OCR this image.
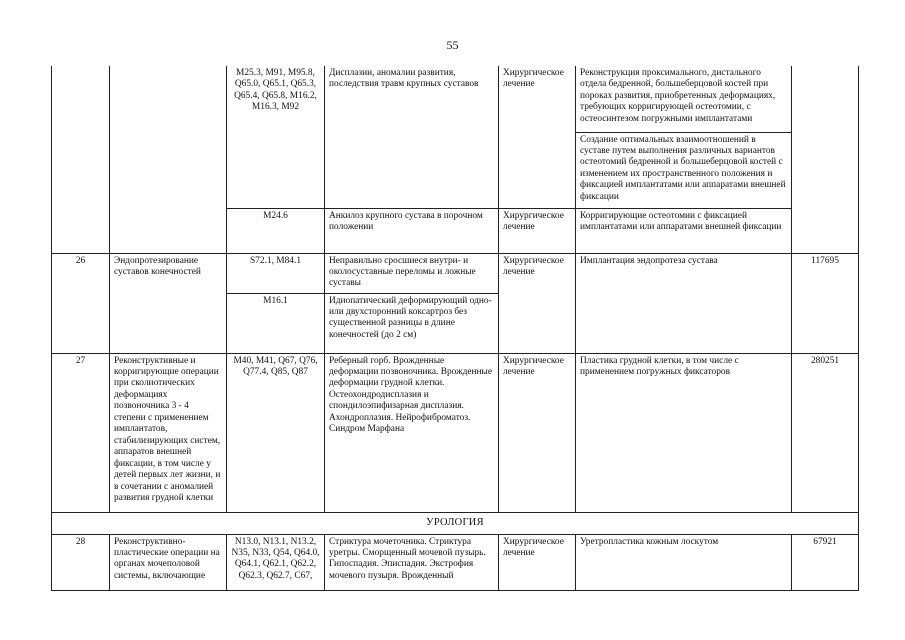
55
		M25.3, M91, M95.8, Q65.0, Q65.1, Q65.3, Q65.4, Q65.8, M16.2, M16.3, M92	Дисплазии, аномалии развития, последствия травм крупных суставов	Хирургическое лечение	Реконструкция проксимального, дистального отдела бедренной, большеберцовой костей при пороках развития, приобретенных деформациях, требующих корригирующей остеотомии, с остеосинтезом погружными имплантатами	
					Создание оптимальных взаимоотношений в суставе путем выполнения различных вариантов остеотомий бедренной и большеберцовой костей с изменением их пространственного положения и фиксацией имплантатами или аппаратами внешней фиксации	
		M24.6	Анкилоз крупного сустава в порочном положении	Хирургическое лечение	Корригирующие остеотомии с фиксацией имплантатами или аппаратами внешней фиксации	
26	Эндопротезирование суставов конечностей	S72.1, M84.1	Неправильно сросшиеся внутри- и околосуставные переломы и ложные суставы	Хирургическое лечение	Имплантация эндопротеза сустава	117695
		M16.1	Идиопатический деформирующий одно- или двухсторонний коксартроз без существенной разницы в длине конечностей (до 2 см)			
27	Реконструктивные и корригирующие операции при сколиотических деформациях позвоночника 3 - 4 степени с применением имплантатов, стабилизирующих систем, аппаратов внешней фиксации, в том числе у детей первых лет жизни, и в сочетании с аномалией развития грудной клетки	M40, M41, Q67, Q76, Q77.4, Q85, Q87	Реберный горб. Врожденные деформации позвоночника. Врожденные деформации грудной клетки. Остеохондродисплазия и спондилоэпифизарная дисплазия. Ахондроплазия. Нейрофиброматоз. Синдром Марфана	Хирургическое лечение	Пластика грудной клетки, в том числе с применением погружных фиксаторов	280251
УРОЛОГИЯ						
28	Реконструктивно-пластические операции на органах мочеполовой системы, включающие	N13.0, N13.1, N13.2, N35, N33, Q54, Q64.0, Q64.1, Q62.1, Q62.2, Q62.3, Q62.7, C67,	Стриктура мочеточника. Стриктура уретры. Сморщенный мочевой пузырь. Гипоспадия. Эписпадия. Экстрофия мочевого пузыря. Врожденный	Хирургическое лечение	Уретропластика кожным лоскутом	67921
